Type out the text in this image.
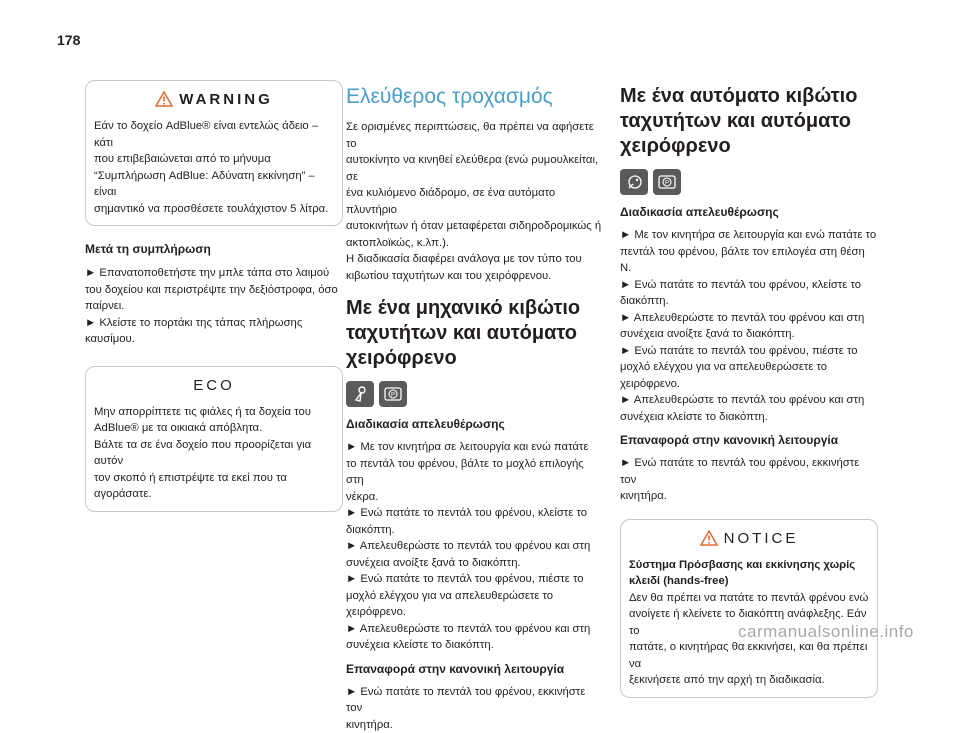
178
WARNING

Εάν το δοχείο AdBlue® είναι εντελώς άδειο – κάτι

που επιβεβαιώνεται από το μήνυμα

“Συμπλήρωση AdBlue: Αδύνατη εκκίνηση” – είναι

σημαντικό να προσθέσετε τουλάχιστον 5 λίτρα.

Μετά τη συμπλήρωση

► Επανατοποθετήστε την μπλε τάπα στο λαιμού

του δοχείου και περιστρέψτε την δεξιόστροφα, όσο

παίρνει.

► Κλείστε το πορτάκι της τάπας πλήρωσης καυσίμου.

ECO

Μην απορρίπτετε τις φιάλες ή τα δοχεία του

AdBlue® με τα οικιακά απόβλητα.

Βάλτε τα σε ένα δοχείο που προορίζεται για αυτόν

τον σκοπό ή επιστρέψτε τα εκεί που τα αγοράσατε.

Ελεύθερος τροχασμός

Σε ορισμένες περιπτώσεις, θα πρέπει να αφήσετε το

αυτοκίνητο να κινηθεί ελεύθερα (ενώ ρυμουλκείται, σε

ένα κυλιόμενο διάδρομο, σε ένα αυτόματο πλυντήριο

αυτοκινήτων ή όταν μεταφέρεται σιδηροδρομικώς ή

ακτοπλοϊκώς, κ.λπ.).

Η διαδικασία διαφέρει ανάλογα με τον τύπο του

κιβωτίου ταχυτήτων και του χειρόφρενου.

Με ένα μηχανικό κιβώτιο
ταχυτήτων και αυτόματο
χειρόφρενο
P

Διαδικασία απελευθέρωσης

► Με τον κινητήρα σε λειτουργία και ενώ πατάτε

το πεντάλ του φρένου, βάλτε το μοχλό επιλογής στη

νέκρα.

► Ενώ πατάτε το πεντάλ του φρένου, κλείστε το

διακόπτη.

► Απελευθερώστε το πεντάλ του φρένου και στη

συνέχεια ανοίξτε ξανά το διακόπτη.

► Ενώ πατάτε το πεντάλ του φρένου, πιέστε το

μοχλό ελέγχου για να απελευθερώσετε το χειρόφρενο.

► Απελευθερώστε το πεντάλ του φρένου και στη

συνέχεια κλείστε το διακόπτη.

Επαναφορά στην κανονική λειτουργία

► Ενώ πατάτε το πεντάλ του φρένου, εκκινήστε τον

κινητήρα.

Με ένα αυτόματο κιβώτιο
ταχυτήτων και αυτόματο
χειρόφρενο
P

Διαδικασία απελευθέρωσης

► Με τον κινητήρα σε λειτουργία και ενώ πατάτε το

πεντάλ του φρένου, βάλτε τον επιλογέα στη θέση N.

► Ενώ πατάτε το πεντάλ του φρένου, κλείστε το

διακόπτη.

► Απελευθερώστε το πεντάλ του φρένου και στη

συνέχεια ανοίξτε ξανά το διακόπτη.

► Ενώ πατάτε το πεντάλ του φρένου, πιέστε το

μοχλό ελέγχου για να απελευθερώσετε το χειρόφρενο.

► Απελευθερώστε το πεντάλ του φρένου και στη

συνέχεια κλείστε το διακόπτη.

Επαναφορά στην κανονική λειτουργία

► Ενώ πατάτε το πεντάλ του φρένου, εκκινήστε τον

κινητήρα.

NOTICE

Σύστημα Πρόσβασης και εκκίνησης χωρίς

κλειδί (hands-free)

Δεν θα πρέπει να πατάτε το πεντάλ φρένου ενώ

ανοίγετε ή κλείνετε το διακόπτη ανάφλεξης. Εάν το

πατάτε, ο κινητήρας θα εκκινήσει, και θα πρέπει να

ξεκινήσετε από την αρχή τη διαδικασία.

carmanualsonline.info
